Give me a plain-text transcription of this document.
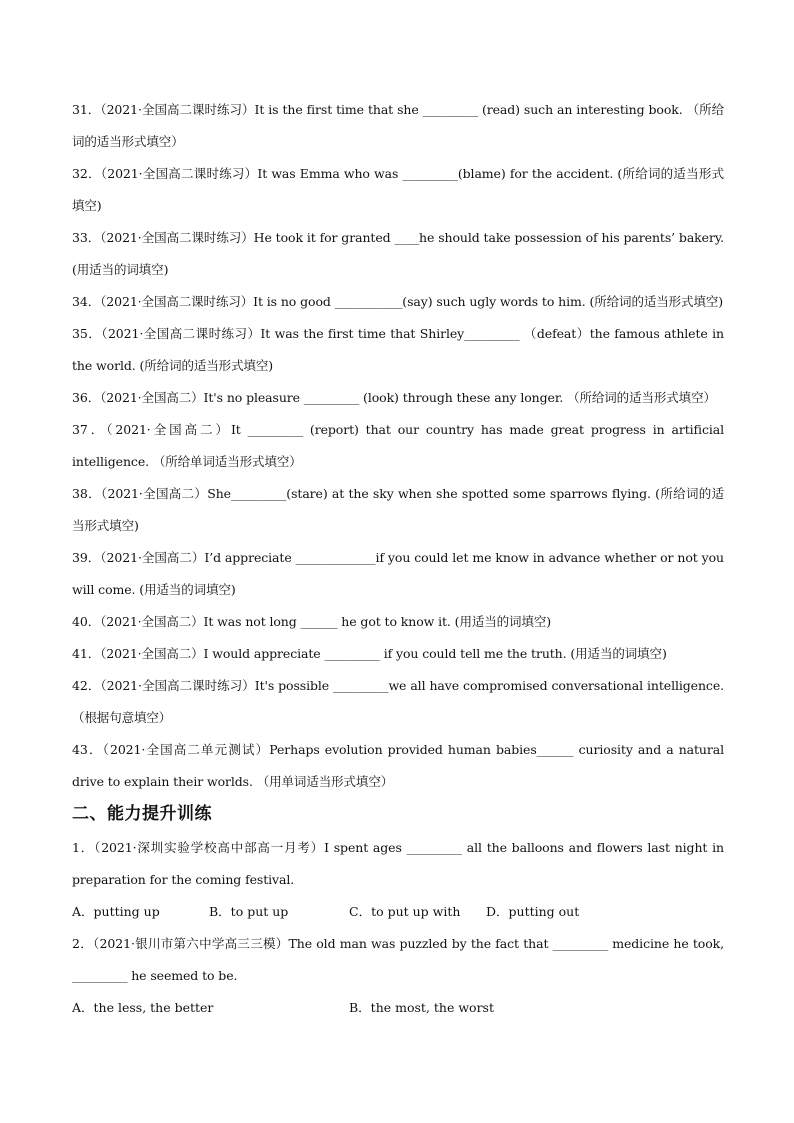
31．（2021·全国高二课时练习）It is the first time that she _________ (read) such an interesting book. （所给词的适当形式填空）
32．（2021·全国高二课时练习）It was Emma who was _________(blame) for the accident. (所给词的适当形式填空)
33．（2021·全国高二课时练习）He took it for granted ____he should take possession of his parents’ bakery. (用适当的词填空)
34．（2021·全国高二课时练习）It is no good ___________(say) such ugly words to him. (所给词的适当形式填空)
35．（2021·全国高二课时练习）It was the first time that Shirley_________ （defeat）the famous athlete in the world. (所给词的适当形式填空)
36．（2021·全国高二）It's no pleasure _________ (look) through these any longer. （所给词的适当形式填空）
37．（2021·全国高二）It _________ (report) that our country has made great progress in artificial intelligence. （所给单词适当形式填空）
38．（2021·全国高二）She_________(stare) at the sky when she spotted some sparrows flying. (所给词的适当形式填空)
39．（2021·全国高二）I’d appreciate _____________if you could let me know in advance whether or not you will come. (用适当的词填空)
40．（2021·全国高二）It was not long ______ he got to know it. (用适当的词填空)
41．（2021·全国高二）I would appreciate _________ if you could tell me the truth. (用适当的词填空)
42．（2021·全国高二课时练习）It's possible _________we all have compromised conversational intelligence. （根据句意填空）
43．（2021·全国高二单元测试）Perhaps evolution provided human babies______ curiosity and a natural drive to explain their worlds. （用单词适当形式填空）
二、能力提升训练
1．（2021·深圳实验学校高中部高一月考）I spent ages _________ all the balloons and flowers last night in preparation for the coming festival.
A．putting up	B．to put up	C．to put up with D．putting out
2．（2021·银川市第六中学高三三模）The old man was puzzled by the fact that _________ medicine he took, _________ he seemed to be.
A．the less, the better	B．the most, the worst
